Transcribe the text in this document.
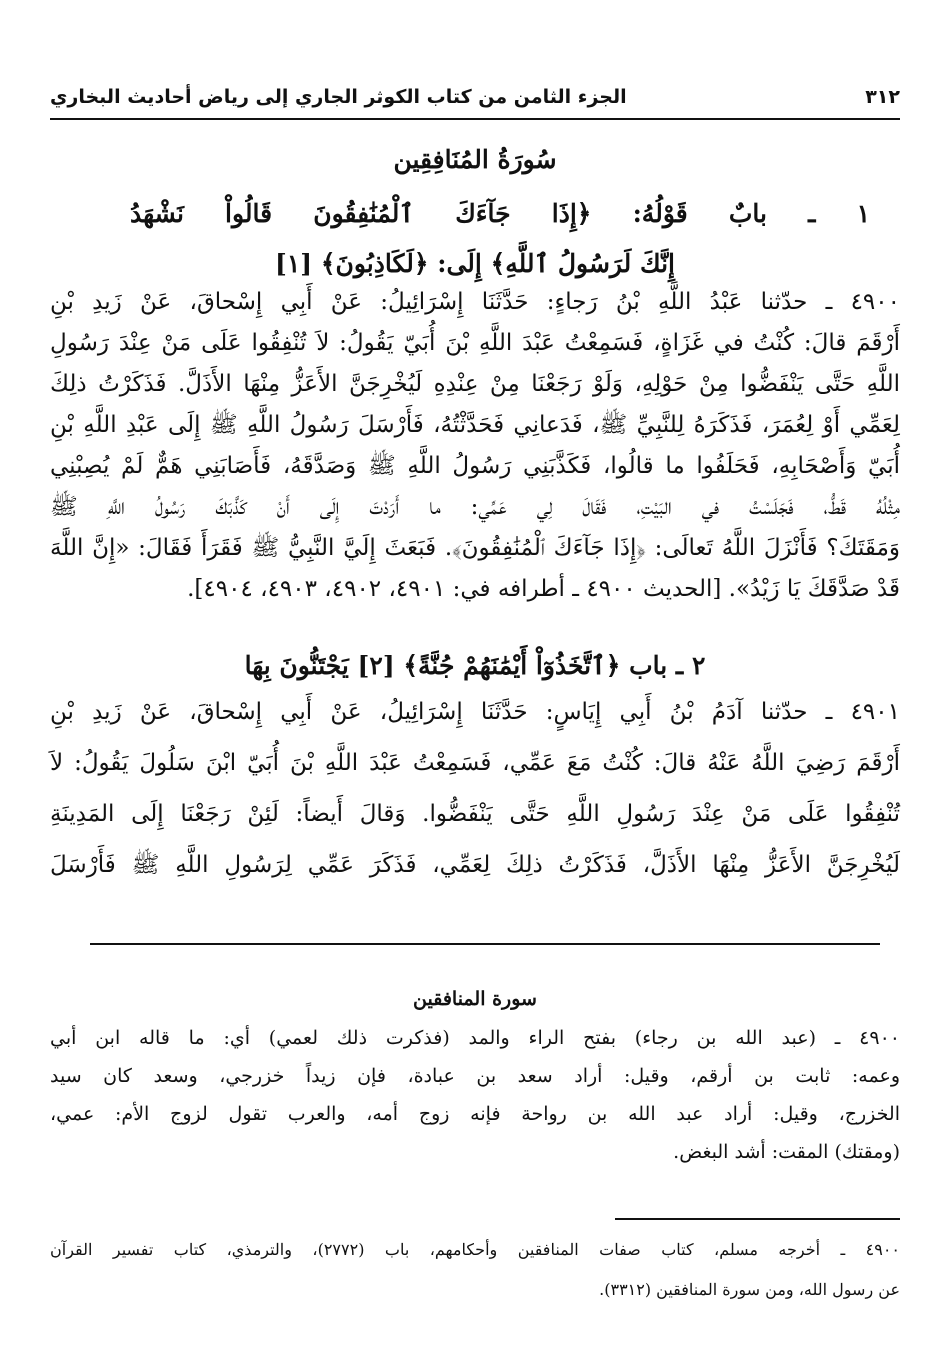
٣١٢
الجزء الثامن من كتاب الكوثر الجاري إلى رياض أحاديث البخاري
سُورَةُ المُنَافِقِين
١ ـ بابٌ قَوْلُهُ: ﴿إِذَا جَآءَكَ ٱلْمُنَٰفِقُونَ قَالُواْ نَشْهَدُ
إِنَّكَ لَرَسُولُ ٱللَّهِ﴾ إِلَى: ﴿لَكَاذِبُونَ﴾ [١]
٤٩٠٠ ـ حدّثنا عَبْدُ اللَّهِ بْنُ رَجاءٍ: حَدَّثَنَا إِسْرَائِيلُ: عَنْ أَبِي إِسْحاقَ، عَنْ زَيدِ بْنِ
أَرْقَمَ قالَ: كُنْتُ في غَزَاةٍ، فَسَمِعْتُ عَبْدَ اللَّهِ بْنَ أُبَيّ يَقُولُ: لاَ تُنْفِقُوا عَلَى مَنْ عِنْدَ رَسُولِ
اللَّهِ حَتَّى يَنْفَضُّوا مِنْ حَوْلِهِ، وَلَوْ رَجَعْنَا مِنْ عِنْدِهِ لَيُخْرِجَنَّ الأَعَزُّ مِنْهَا الأَذَلَّ. فَذَكَرْتُ ذلِكَ
لِعَمِّي أَوْ لِعُمَرَ، فَذَكَرَهُ لِلنَّبِيِّ ﷺ، فَدَعانِي فَحَدَّثْتُهُ، فَأَرْسَلَ رَسُولُ اللَّهِ ﷺ إِلَى عَبْدِ اللَّهِ بْنِ
أُبَيّ وَأَصْحَابِهِ، فَحَلَفُوا ما قالُوا، فَكَذَّبَنِي رَسُولُ اللَّهِ ﷺ وَصَدَّقَهُ، فَأَصَابَنِي هَمٌّ لَمْ يُصِبْنِي
مِثْلُهُ قَطُّ، فَجَلَسْتُ في البَيْتِ، فَقَالَ لِي عَمِّي: ما أَرَدْتَ إِلَى أَنْ كَذَّبَكَ رَسُولُ اللَّهِ ﷺ
وَمَقَتَكَ؟ فَأَنْزَلَ اللَّهُ تَعالَى: ﴿إِذَا جَآءَكَ ٱلْمُنَٰفِقُونَ﴾. فَبَعَثَ إِلَيَّ النَّبِيُّ ﷺ فَقَرَأَ فَقَالَ: «إِنَّ اللَّهَ
قَدْ صَدَّقَكَ يَا زَيْدُ». [الحديث ٤٩٠٠ ـ أطرافه في: ٤٩٠١، ٤٩٠٢، ٤٩٠٣، ٤٩٠٤].
٢ ـ باب ﴿ٱتَّخَذُوٓاْ أَيْمَٰنَهُمْ جُنَّةً﴾ [٢] يَجْتَنُّونَ بِهَا
٤٩٠١ ـ حدّثنا آدَمُ بْنُ أَبِي إِيَاسٍ: حَدَّثَنَا إِسْرَائِيلُ، عَنْ أَبِي إِسْحاقَ، عَنْ زَيدِ بْنِ
أَرْقَمَ رَضِيَ اللَّهُ عَنْهُ قالَ: كُنْتُ مَعَ عَمِّي، فَسَمِعْتُ عَبْدَ اللَّهِ بْنَ أُبَيّ ابْنَ سَلُولَ يَقُولُ: لاَ
تُنْفِقُوا عَلَى مَنْ عِنْدَ رَسُولِ اللَّهِ حَتَّى يَنْفَضُّوا. وَقالَ أَيضاً: لَئِنْ رَجَعْنَا إِلَى المَدِينَةِ
لَيُخْرِجَنَّ الأَعَزُّ مِنْهَا الأَذَلَّ، فَذَكَرْتُ ذلِكَ لِعَمِّي، فَذَكَرَ عَمِّي لِرَسُولِ اللَّهِ ﷺ فَأَرْسَلَ
سورة المنافقين
٤٩٠٠ ـ (عبد الله بن رجاء) بفتح الراء والمد (فذكرت ذلك لعمي) أي: ما قاله ابن أبي
وعمه: ثابت بن أرقم، وقيل: أراد سعد بن عبادة، فإن زيداً خزرجي، وسعد كان سيد
الخزرج، وقيل: أراد عبد الله بن رواحة فإنه زوج أمه، والعرب تقول لزوج الأم: عمي،
(ومقتك) المقت: أشد البغض.
٤٩٠٠ ـ أخرجه مسلم، كتاب صفات المنافقين وأحكامهم، باب (٢٧٧٢)، والترمذي، كتاب تفسير القرآن
عن رسول الله، ومن سورة المنافقين (٣٣١٢).
